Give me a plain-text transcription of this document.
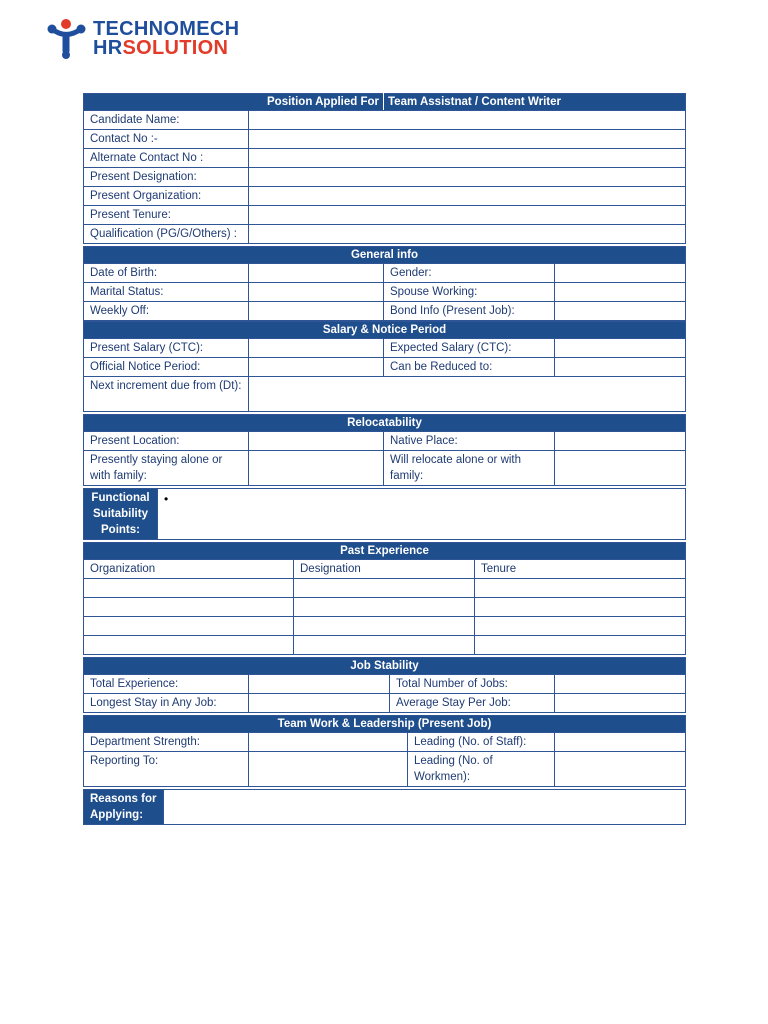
TECHNOMECH
HRSOLUTION
Position Applied For		Team Assistnat / Content Writer
Candidate Name:		
Contact No :-		
Alternate Contact No :		
Present Designation:		
Present Organization:		
Present Tenure:		
Qualification (PG/G/Others) :		
General info			
Date of Birth:		Gender:	
Marital Status:		Spouse Working:	
Weekly Off:		Bond Info (Present Job):	
Salary & Notice Period			
Present Salary (CTC):		Expected Salary (CTC):	
Official Notice Period:		Can be Reduced to:	
Next increment due from (Dt):			
Relocatability			
Present Location:		Native Place:	
Presently staying alone or with family:		Will relocate alone or with family:	
Functional Suitability Points:	
•
Past Experience		
Organization	Designation	Tenure

Job Stability			
Total Experience:		Total Number of Jobs:	
Longest Stay in Any Job:		Average Stay Per Job:	
Team Work & Leadership (Present Job)			
Department Strength:		Leading (No. of Staff):	
Reporting To:		Leading (No. of Workmen):	
Reasons for Applying:	
